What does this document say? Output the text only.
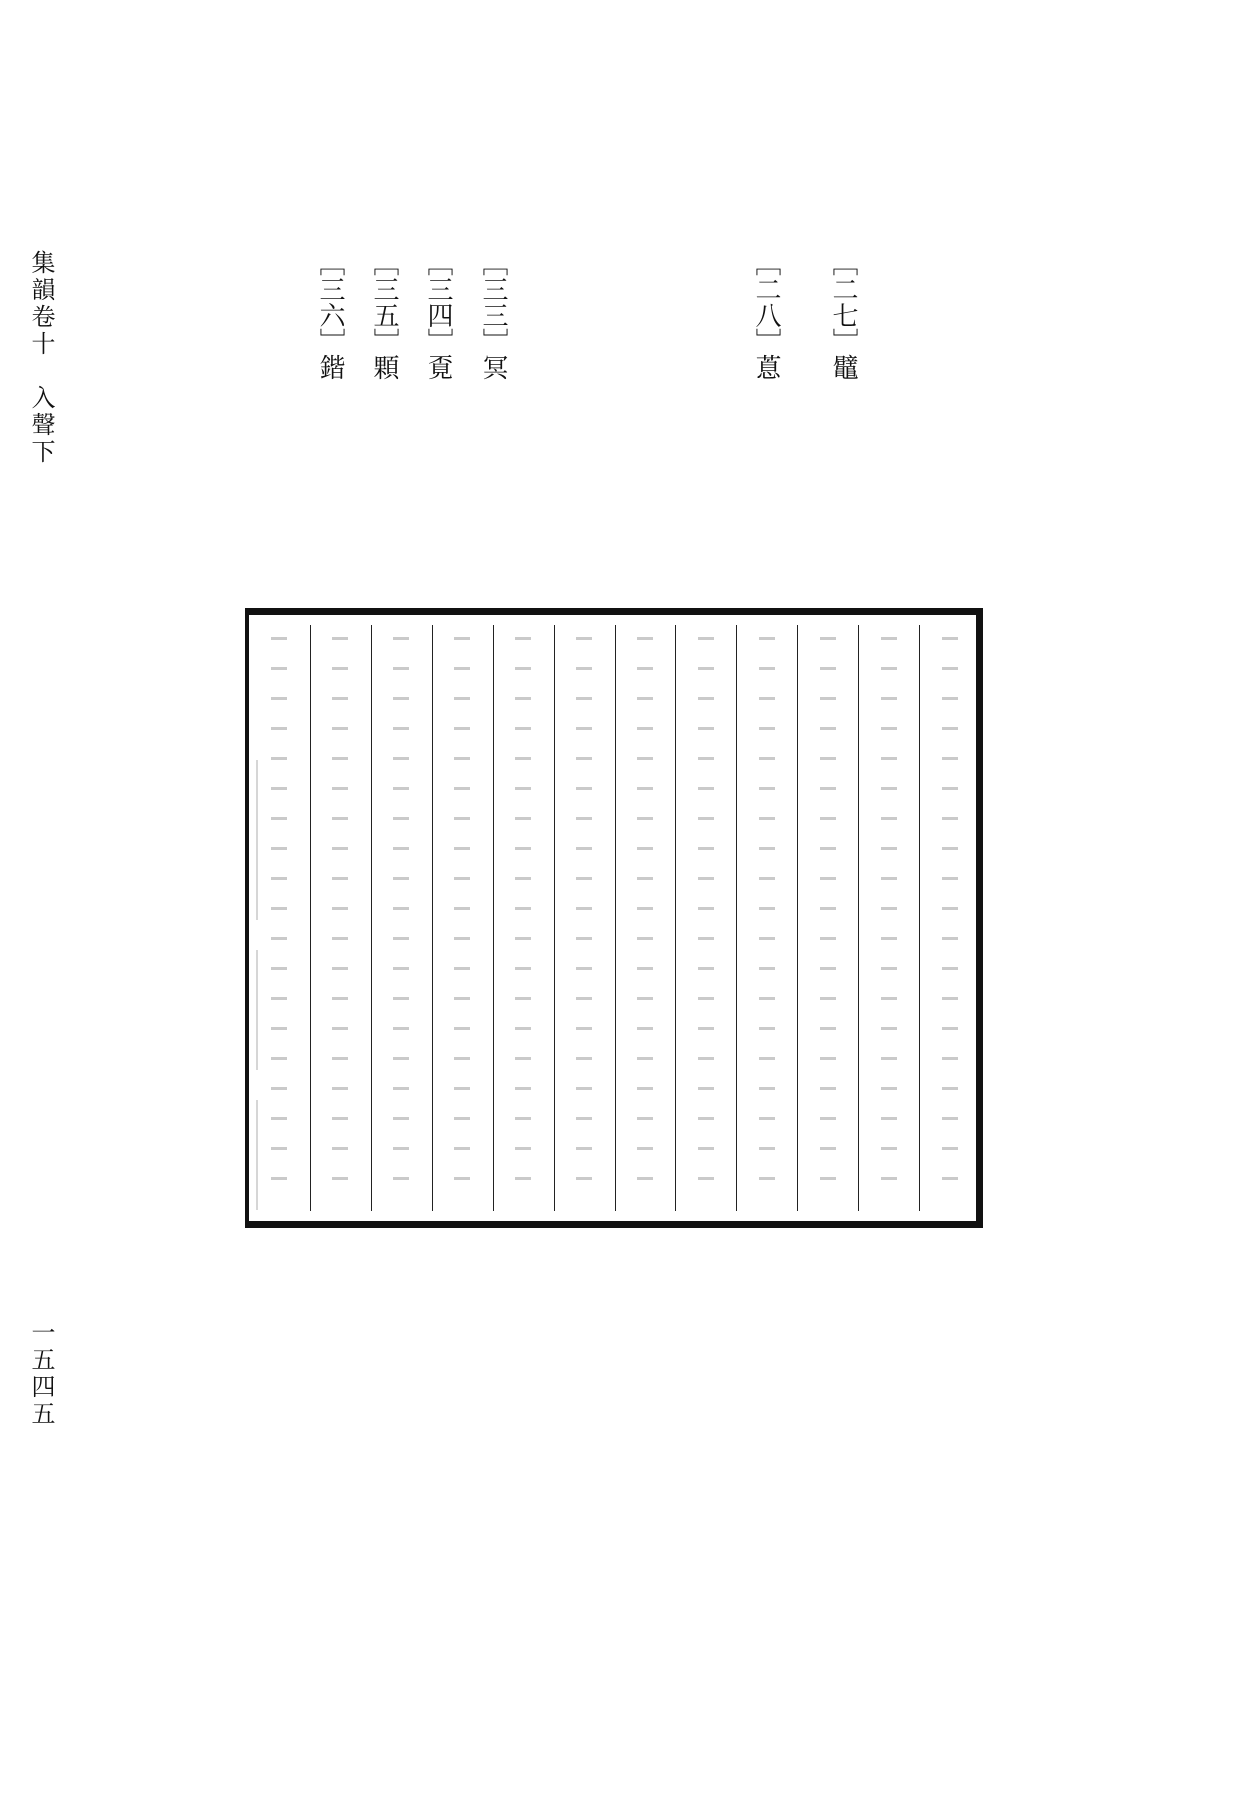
集韻卷十　入聲下
一五四五
［二七］鼊
［二八］蒠
［三三］冥
［三四］覔
［三五］顆
［三六］鍇
